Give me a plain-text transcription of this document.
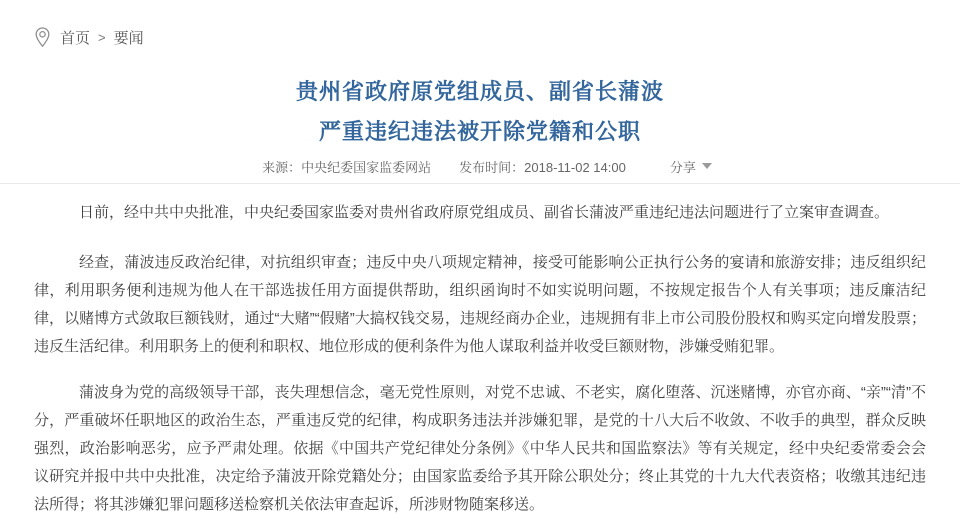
首页 > 要闻
贵州省政府原党组成员、副省长蒲波
严重违纪违法被开除党籍和公职
来源：中央纪委国家监委网站 发布时间：2018-11-02 14:00	分享

日前，经中共中央批准，中央纪委国家监委对贵州省政府原党组成员、副省长蒲波严重违纪违法问题进行了立案审查调查。

经查，蒲波违反政治纪律，对抗组织审查；违反中央八项规定精神，接受可能影响公正执行公务的宴请和旅游安排；违反组织纪律，利用职务便利违规为他人在干部选拔任用方面提供帮助，组织函询时不如实说明问题，不按规定报告个人有关事项；违反廉洁纪律，以赌博方式敛取巨额钱财，通过“大赌”“假赌”大搞权钱交易，违规经商办企业，违规拥有非上市公司股份股权和购买定向增发股票；违反生活纪律。利用职务上的便利和职权、地位形成的便利条件为他人谋取利益并收受巨额财物，涉嫌受贿犯罪。

蒲波身为党的高级领导干部，丧失理想信念，毫无党性原则，对党不忠诚、不老实，腐化堕落、沉迷赌博，亦官亦商、“亲”“清”不分，严重破坏任职地区的政治生态，严重违反党的纪律，构成职务违法并涉嫌犯罪，是党的十八大后不收敛、不收手的典型，群众反映强烈，政治影响恶劣，应予严肃处理。依据《中国共产党纪律处分条例》《中华人民共和国监察法》等有关规定，经中央纪委常委会会议研究并报中共中央批准，决定给予蒲波开除党籍处分；由国家监委给予其开除公职处分；终止其党的十九大代表资格；收缴其违纪违法所得；将其涉嫌犯罪问题移送检察机关依法审查起诉，所涉财物随案移送。
